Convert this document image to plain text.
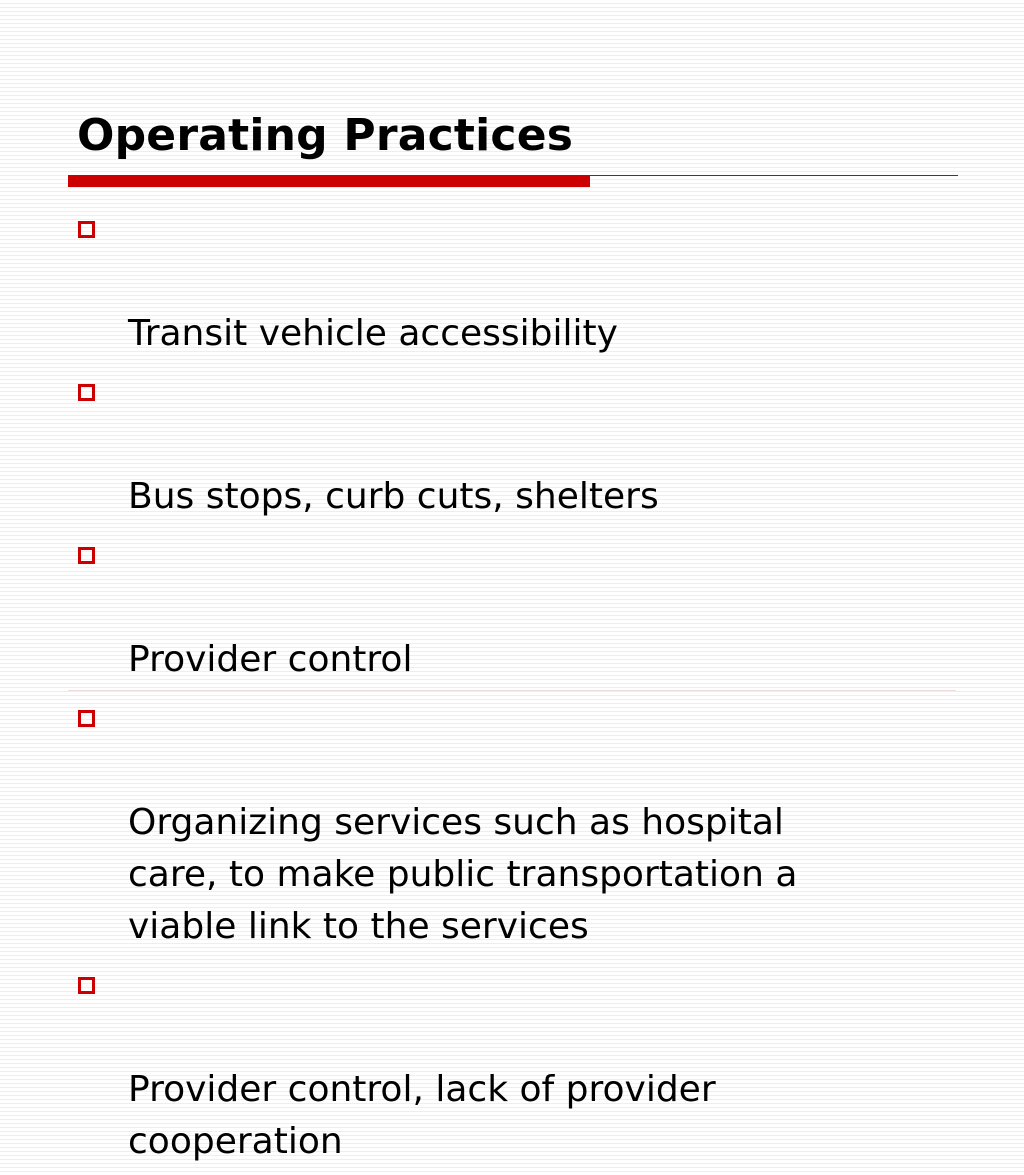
Operating Practices

Transit vehicle accessibility

Bus stops, curb cuts, shelters

Provider control

Organizing services such as hospital
care, to make public transportation a
viable link to the services

Provider control, lack of provider
cooperation
